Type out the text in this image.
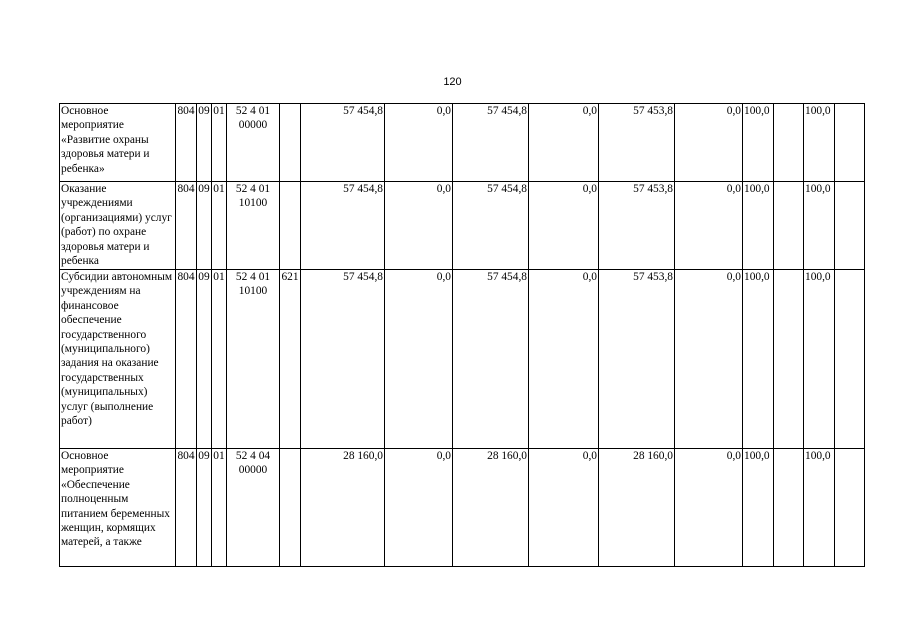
120
Основное мероприятие «Развитие охраны здоровья матери и ребенка»	804	09	01	52 4 01 00000		57 454,8	0,0	57 454,8	0,0	57 453,8	0,0	100,0		100,0	
Оказание учреждениями (организациями) услуг (работ) по охране здоровья матери и ребенка	804	09	01	52 4 01 10100		57 454,8	0,0	57 454,8	0,0	57 453,8	0,0	100,0		100,0	
Субсидии автономным учреждениям на финансовое обеспечение государственного (муниципального) задания на оказание государственных (муниципальных) услуг (выполнение работ)	804	09	01	52 4 01 10100	621	57 454,8	0,0	57 454,8	0,0	57 453,8	0,0	100,0		100,0	
Основное мероприятие «Обеспечение полноценным питанием беременных женщин, кормящих матерей, а также	804	09	01	52 4 04 00000		28 160,0	0,0	28 160,0	0,0	28 160,0	0,0	100,0		100,0	
